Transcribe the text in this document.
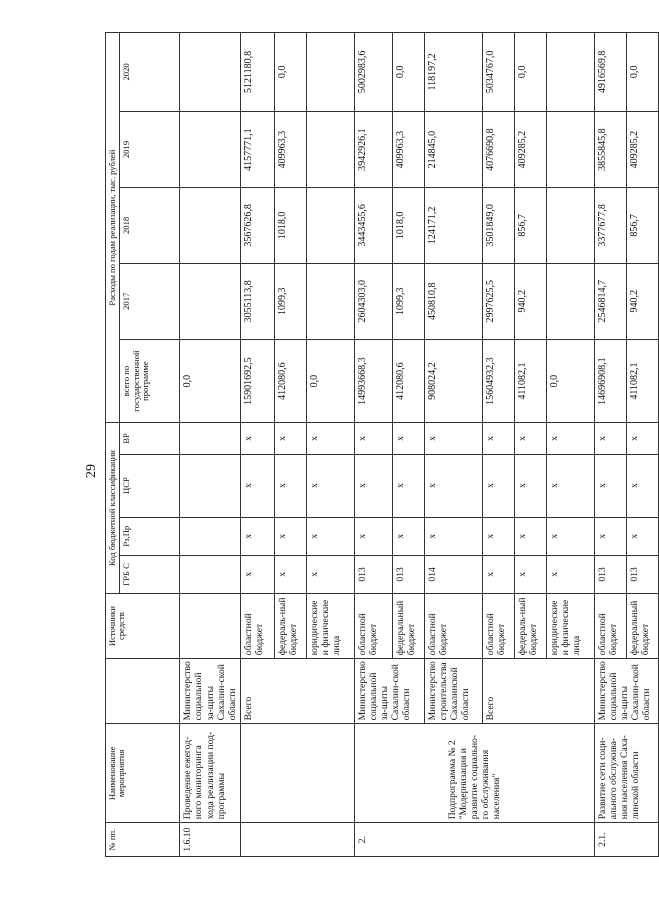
29
№ пп.	Наименование мероприятия		Источники средств	Код бюджетной классификации				Расходы по годам реализации, тыс. рублей				
				ГРБ С	Рз,Пр	ЦСР	ВР	всего по государственной программе	2017	2018	2019	2020
1.6.10	Проведение ежегод-ного мониторинга хода реализации под-программы	Министерство социальной за-щиты Сахалин-ской области						0,0				
		Всего	областной бюджет	x	x	x	x	15901692,5	3055113,8	3567626,8	4157771,1	5121180,8
			федераль-ный бюджет	x	x	x	x	412080,6	1099,3	1018,0	409963,3	0,0
			юридические и физические лица	x	x	x	x	0,0				
2.	Подпрограмма № 2 "Модернизация и развитие социально-го обслуживания населения"	Министерство социальной за-щиты Сахалин-ской области	областной бюджет	013	x	x	x	14993668,3	2604303,0	3443455,6	3942926,1	5002983,6
			федеральный бюджет	013	x	x	x	412080,6	1099,3	1018,0	409963,3	0,0
		Министерство строительства Сахалинской области	областной бюджет	014	x	x	x	908024,2	450810,8	124171,2	214845,0	118197,2
		Всего	областной бюджет	x	x	x	x	15604932,3	2997625,5	3501849,0	4076690,8	5034767,0
			федераль-ный бюджет	x	x	x	x	411082,1	940,2	856,7	409285,2	0,0
			юридические и физические лица	x	x	x	x	0,0				
2.1.	Развитие сети соци-ального обслужива-ния населения Саха-линской области	Министерство социальной за-щиты Сахалин-ской области	областной бюджет	013	x	x	x	14696908,1	2546814,7	3377677,8	3855845,8	4916569,8
			федеральный бюджет	013	x	x	x	411082,1	940,2	856,7	409285,2	0,0
